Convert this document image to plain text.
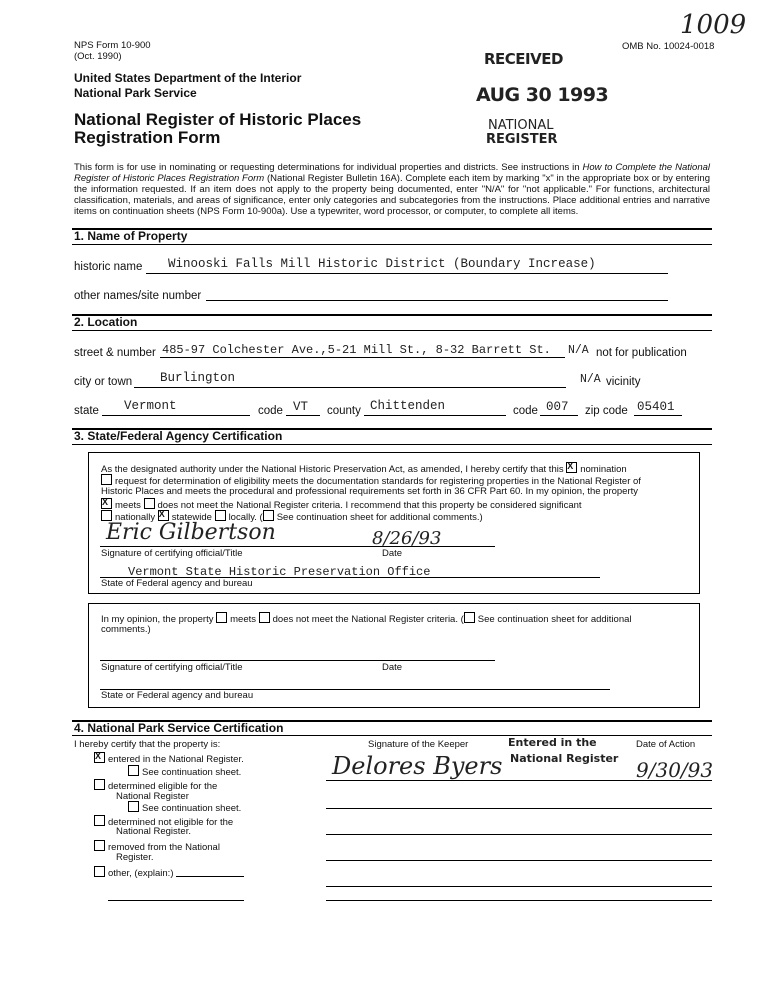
1009
NPS Form 10-900
(Oct. 1990)
OMB No. 10024-0018
United States Department of the Interior
National Park Service
National Register of Historic Places
Registration Form
RECEIVED
AUG 30 1993
NATIONAL
REGISTER
This form is for use in nominating or requesting determinations for individual properties and districts. See instructions in How to Complete the National Register of Historic Places Registration Form (National Register Bulletin 16A). Complete each item by marking "x" in the appropriate box or by entering the information requested. If an item does not apply to the property being documented, enter "N/A" for "not applicable." For functions, architectural classification, materials, and areas of significance, enter only categories and subcategories from the instructions. Place additional entries and narrative items on continuation sheets (NPS Form 10-900a). Use a typewriter, word processor, or computer, to complete all items.
1. Name of Property
historic name Winooski Falls Mill Historic District (Boundary Increase)
other names/site number
2. Location
street & number 485-97 Colchester Ave.,5-21 Mill St., 8-32 Barrett St. N/A not for publication
city or town Burlington	N/A vicinity
state Vermont	code VT county Chittenden	code 007 zip code 05401
3. State/Federal Agency Certification
As the designated authority under the National Historic Preservation Act, as amended, I hereby certify that this X nomination
request for determination of eligibility meets the documentation standards for registering properties in the National Register of
Historic Places and meets the procedural and professional requirements set forth in 36 CFR Part 60. In my opinion, the property
Xmeets does not meet the National Register criteria. I recommend that this property be considered significant
nationally X statewide locally. ( See continuation sheet for additional comments.)
Eric Gilbertson
Signature of certifying official/Title
8/26/93
Date
Vermont State Historic Preservation Office
State of Federal agency and bureau
In my opinion, the property meets does not meet the National Register criteria. ( See continuation sheet for additional
comments.)
Signature of certifying official/Title	Date
State or Federal agency and bureau
4. National Park Service Certification
I hereby certify that the property is:	Signature of the Keeper	Date of Action
Entered in the
National Register
Delores Byers	9/30/93
Xentered in the National Register.
See continuation sheet.
determined eligible for the
National Register
See continuation sheet.
determined not eligible for the
National Register.
removed from the National
Register.
other, (explain:)
